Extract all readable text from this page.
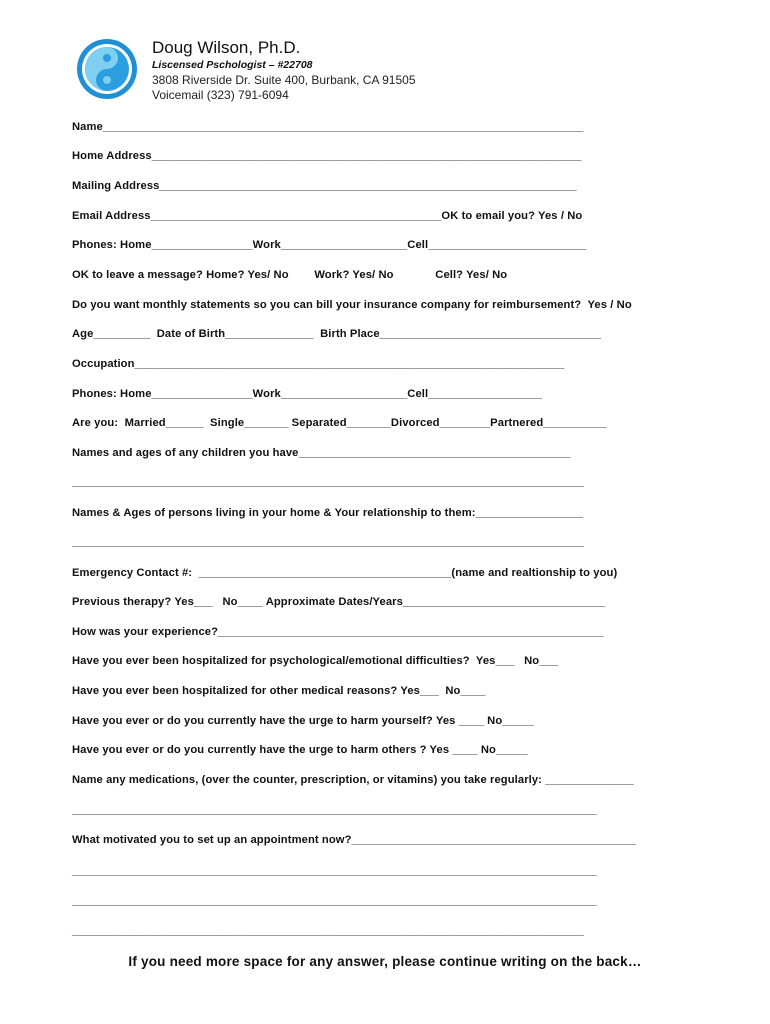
Doug Wilson, Ph.D.
Liscensed Pschologist – #22708
3808 Riverside Dr. Suite 400, Burbank, CA 91505
Voicemail (323) 791-6094
Name____________________________________________________________________________
Home Address____________________________________________________________________
Mailing Address__________________________________________________________________
Email Address______________________________________________OK to email you? Yes / No
Phones: Home________________Work____________________Cell_________________________
OK to leave a message? Home? Yes/ No        Work? Yes/ No             Cell? Yes/ No
Do you want monthly statements so you can bill your insurance company for reimbursement?  Yes / No
Age_________  Date of Birth______________  Birth Place___________________________________
Occupation____________________________________________________________________
Phones: Home________________Work____________________Cell__________________
Are you:  Married______  Single_______ Separated_______Divorced________Partnered__________
Names and ages of any children you have___________________________________________
_________________________________________________________________________________
Names & Ages of persons living in your home & Your relationship to them:_________________
_________________________________________________________________________________
Emergency Contact #:  ________________________________________(name and realtionship to you)
Previous therapy? Yes___   No____ Approximate Dates/Years________________________________
How was your experience?_____________________________________________________________
Have you ever been hospitalized for psychological/emotional difficulties?  Yes___   No___
Have you ever been hospitalized for other medical reasons? Yes___  No____
Have you ever or do you currently have the urge to harm yourself? Yes ____ No_____
Have you ever or do you currently have the urge to harm others ? Yes ____ No_____
Name any medications, (over the counter, prescription, or vitamins) you take regularly: ______________
___________________________________________________________________________________
What motivated you to set up an appointment now?_____________________________________________
___________________________________________________________________________________
___________________________________________________________________________________
_________________________________________________________________________________
If you need more space for any answer, please continue writing on the back…
